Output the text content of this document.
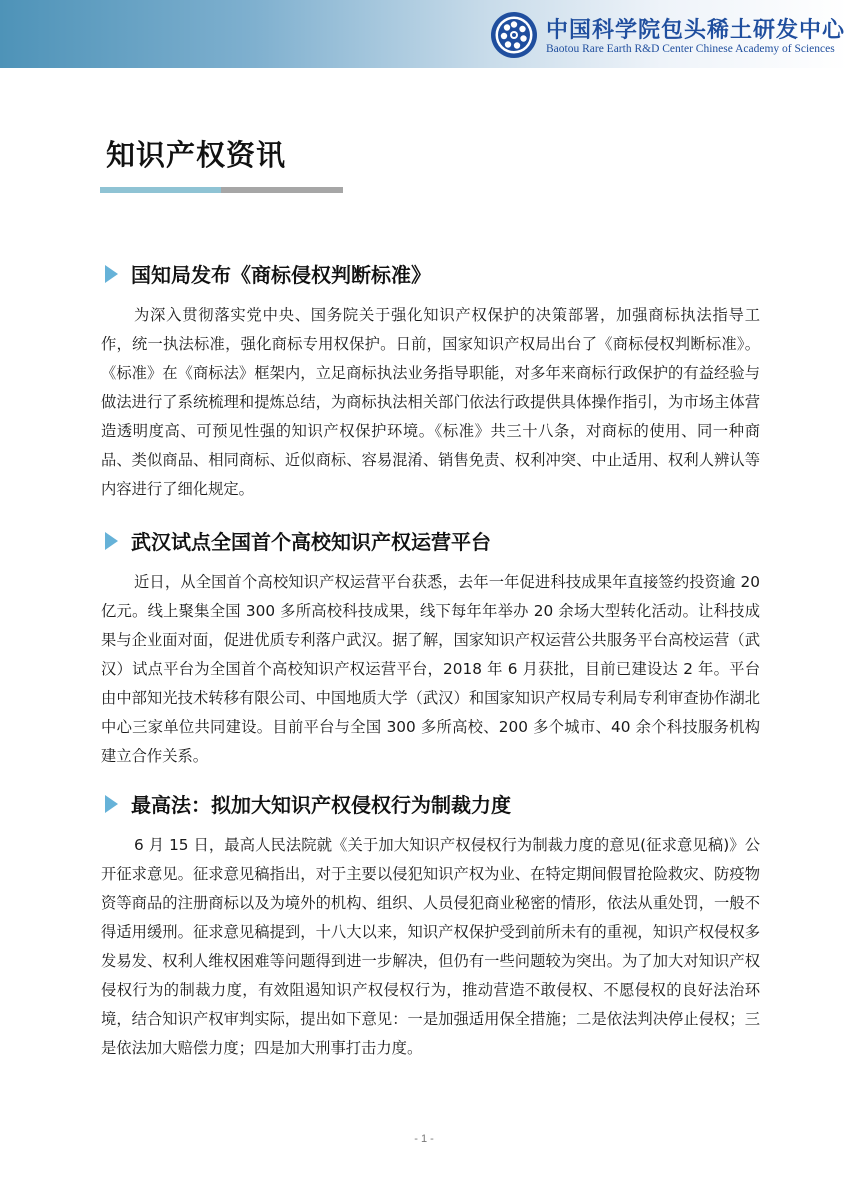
中国科学院包头稀土研发中心
Baotou Rare Earth R&D Center Chinese Academy of Sciences
知识产权资讯
国知局发布《商标侵权判断标准》

为深入贯彻落实党中央、国务院关于强化知识产权保护的决策部署，加强商标执法指导工作，统一执法标准，强化商标专用权保护。日前，国家知识产权局出台了《商标侵权判断标准》。《标准》在《商标法》框架内，立足商标执法业务指导职能，对多年来商标行政保护的有益经验与做法进行了系统梳理和提炼总结，为商标执法相关部门依法行政提供具体操作指引，为市场主体营造透明度高、可预见性强的知识产权保护环境。《标准》共三十八条，对商标的使用、同一种商品、类似商品、相同商标、近似商标、容易混淆、销售免责、权利冲突、中止适用、权利人辨认等内容进行了细化规定。

武汉试点全国首个高校知识产权运营平台

近日，从全国首个高校知识产权运营平台获悉，去年一年促进科技成果年直接签约投资逾 20 亿元。线上聚集全国 300 多所高校科技成果，线下每年年举办 20 余场大型转化活动。让科技成果与企业面对面，促进优质专利落户武汉。据了解，国家知识产权运营公共服务平台高校运营（武汉）试点平台为全国首个高校知识产权运营平台，2018 年 6 月获批，目前已建设达 2 年。平台由中部知光技术转移有限公司、中国地质大学（武汉）和国家知识产权局专利局专利审查协作湖北中心三家单位共同建设。目前平台与全国 300 多所高校、200 多个城市、40 余个科技服务机构建立合作关系。

最高法：拟加大知识产权侵权行为制裁力度

6 月 15 日，最高人民法院就《关于加大知识产权侵权行为制裁力度的意见(征求意见稿)》公开征求意见。征求意见稿指出，对于主要以侵犯知识产权为业、在特定期间假冒抢险救灾、防疫物资等商品的注册商标以及为境外的机构、组织、人员侵犯商业秘密的情形，依法从重处罚，一般不得适用缓刑。征求意见稿提到，十八大以来，知识产权保护受到前所未有的重视，知识产权侵权多发易发、权利人维权困难等问题得到进一步解决，但仍有一些问题较为突出。为了加大对知识产权侵权行为的制裁力度，有效阻遏知识产权侵权行为，推动营造不敢侵权、不愿侵权的良好法治环境，结合知识产权审判实际，提出如下意见：一是加强适用保全措施；二是依法判决停止侵权；三是依法加大赔偿力度；四是加大刑事打击力度。

- 1 -
